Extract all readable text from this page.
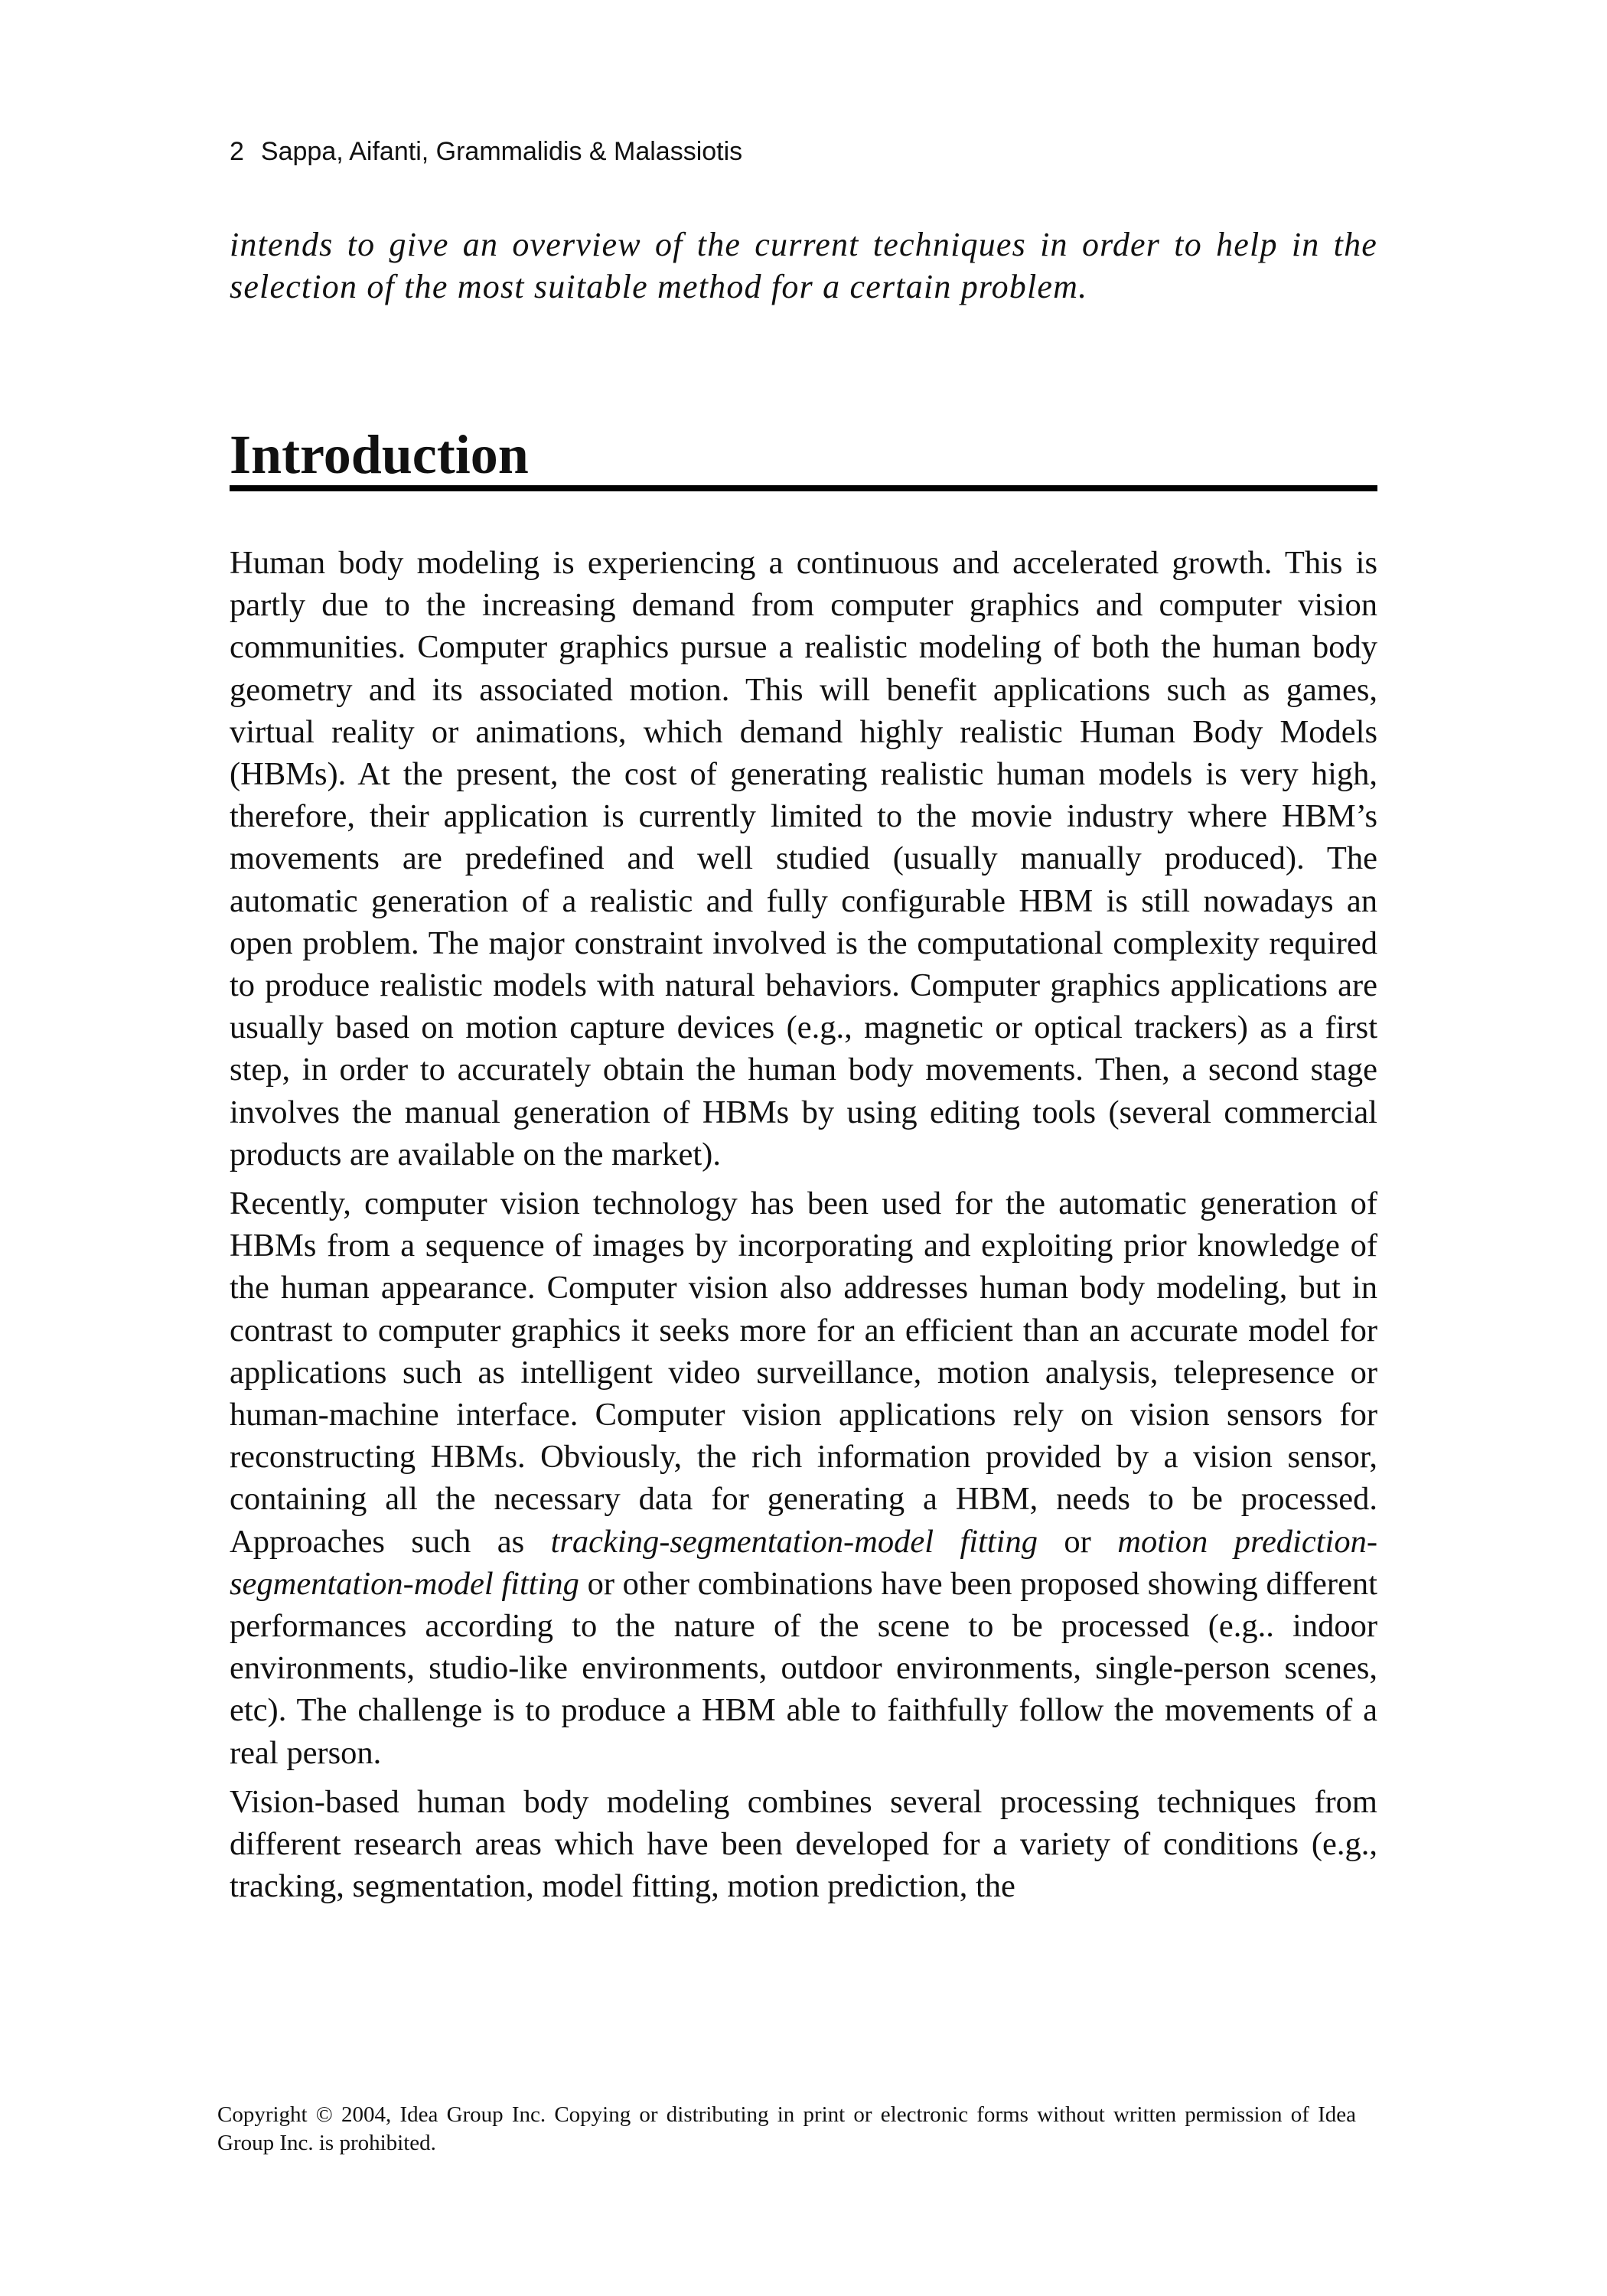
2 Sappa, Aifanti, Grammalidis & Malassiotis

intends to give an overview of the current techniques in order to help in the selection of the most suitable method for a certain problem.

Introduction

Human body modeling is experiencing a continuous and accelerated growth. This is partly due to the increasing demand from computer graphics and computer vision communities. Computer graphics pursue a realistic modeling of both the human body geometry and its associated motion. This will benefit applications such as games, virtual reality or animations, which demand highly realistic Human Body Models (HBMs). At the present, the cost of generating realistic human models is very high, therefore, their application is currently limited to the movie industry where HBM’s movements are predefined and well studied (usually manually produced). The automatic generation of a realistic and fully configurable HBM is still nowadays an open problem. The major constraint involved is the computational complexity required to produce realistic models with natural behaviors. Computer graphics applications are usually based on motion capture devices (e.g., magnetic or optical trackers) as a first step, in order to accurately obtain the human body movements. Then, a second stage involves the manual generation of HBMs by using editing tools (several commercial products are available on the market).

Recently, computer vision technology has been used for the automatic generation of HBMs from a sequence of images by incorporating and exploiting prior knowledge of the human appearance. Computer vision also addresses human body modeling, but in contrast to computer graphics it seeks more for an efficient than an accurate model for applications such as intelligent video surveillance, motion analysis, telepresence or human-machine interface. Computer vision applications rely on vision sensors for reconstructing HBMs. Obviously, the rich information provided by a vision sensor, containing all the necessary data for generating a HBM, needs to be processed. Approaches such as tracking-segmentation-model fitting or motion prediction-segmentation-model fitting or other combinations have been proposed showing different performances according to the nature of the scene to be processed (e.g.. indoor environments, studio-like environments, outdoor environments, single-person scenes, etc). The challenge is to produce a HBM able to faithfully follow the movements of a real person.

Vision-based human body modeling combines several processing techniques from different research areas which have been developed for a variety of conditions (e.g., tracking, segmentation, model fitting, motion prediction, the

Copyright © 2004, Idea Group Inc. Copying or distributing in print or electronic forms without written permission of Idea Group Inc. is prohibited.
